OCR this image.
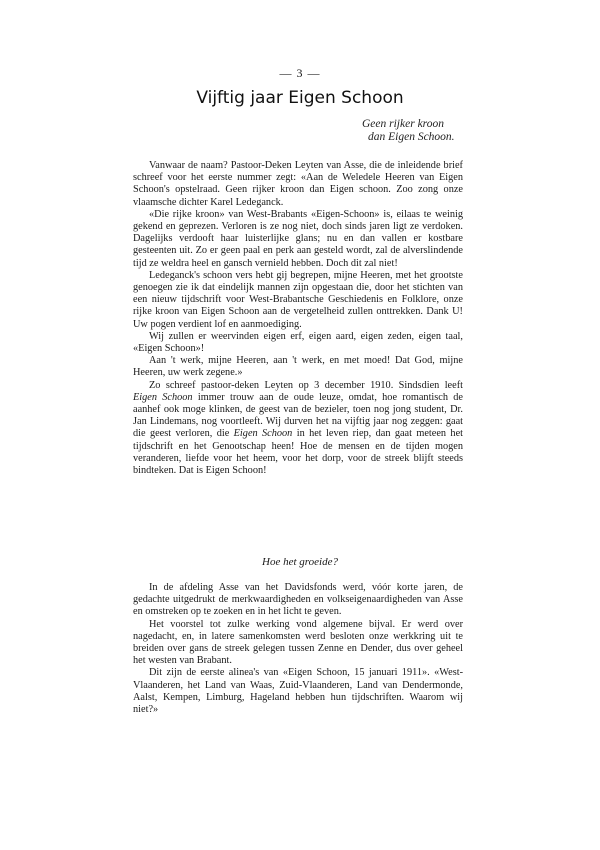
— 3 —
Vijftig jaar Eigen Schoon
Geen rijker kroon
dan Eigen Schoon.

Vanwaar de naam? Pastoor-Deken Leyten van Asse, die de inleidende brief schreef voor het eerste nummer zegt: «Aan de Weledele Heeren van Eigen Schoon's opstelraad. Geen rijker kroon dan Eigen schoon. Zoo zong onze vlaamsche dichter Karel Ledeganck.

«Die rijke kroon» van West-Brabants «Eigen-Schoon» is, eilaas te weinig gekend en geprezen. Verloren is ze nog niet, doch sinds jaren ligt ze verdoken. Dagelijks verdooft haar luisterlijke glans; nu en dan vallen er kostbare gesteenten uit. Zo er geen paal en perk aan gesteld wordt, zal de alverslindende tijd ze weldra heel en gansch vernield hebben. Doch dit zal niet!

Ledeganck's schoon vers hebt gij begrepen, mijne Heeren, met het grootste genoegen zie ik dat eindelijk mannen zijn opgestaan die, door het stichten van een nieuw tijdschrift voor West-Brabantsche Geschiedenis en Folklore, onze rijke kroon van Eigen Schoon aan de vergetelheid zullen onttrekken. Dank U! Uw pogen verdient lof en aanmoediging.

Wij zullen er weervinden eigen erf, eigen aard, eigen zeden, eigen taal, «Eigen Schoon»!

Aan 't werk, mijne Heeren, aan 't werk, en met moed! Dat God, mijne Heeren, uw werk zegene.»

Zo schreef pastoor-deken Leyten op 3 december 1910. Sindsdien leeft Eigen Schoon immer trouw aan de oude leuze, omdat, hoe romantisch de aanhef ook moge klinken, de geest van de bezieler, toen nog jong student, Dr. Jan Lindemans, nog voortleeft. Wij durven het na vijftig jaar nog zeggen: gaat die geest verloren, die Eigen Schoon in het leven riep, dan gaat meteen het tijdschrift en het Genootschap heen! Hoe de mensen en de tijden mogen veranderen, liefde voor het heem, voor het dorp, voor de streek blijft steeds bindteken. Dat is Eigen Schoon!

Hoe het groeide?

In de afdeling Asse van het Davidsfonds werd, vóór korte jaren, de gedachte uitgedrukt de merkwaardigheden en volkseigenaardigheden van Asse en omstreken op te zoeken en in het licht te geven.

Het voorstel tot zulke werking vond algemene bijval. Er werd over nagedacht, en, in latere samenkomsten werd besloten onze werkkring uit te breiden over gans de streek gelegen tussen Zenne en Dender, dus over geheel het westen van Brabant.

Dit zijn de eerste alinea's van «Eigen Schoon, 15 januari 1911». «West-Vlaanderen, het Land van Waas, Zuid-Vlaanderen, Land van Dendermonde, Aalst, Kempen, Limburg, Hageland hebben hun tijdschriften. Waarom wij niet?»
